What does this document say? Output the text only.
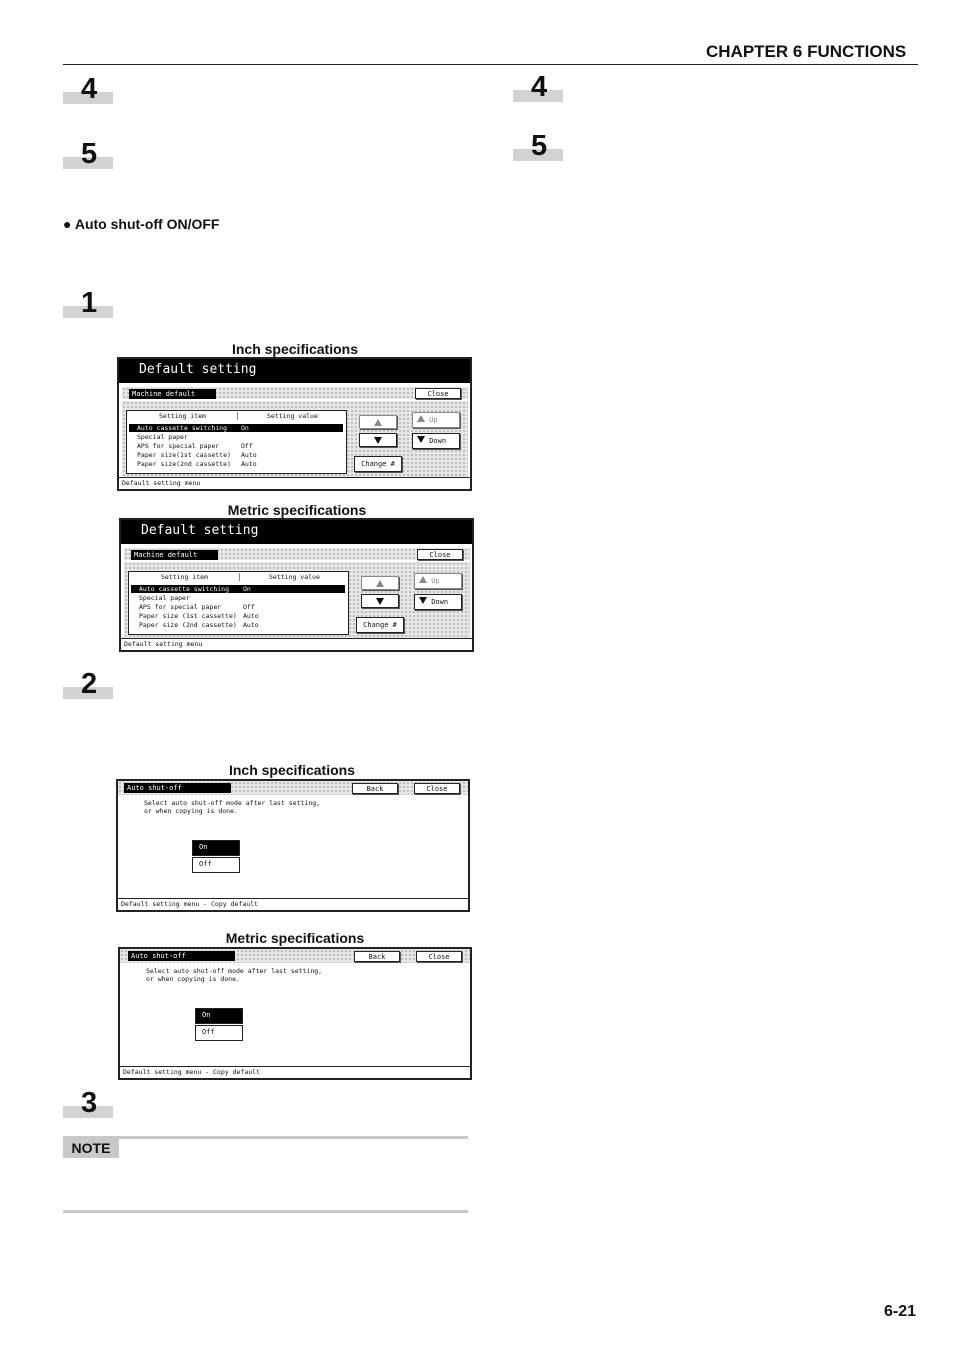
CHAPTER 6 FUNCTIONS
4
5
4
5
● Auto shut-off ON/OFF
1
Inch specifications
Default setting
Machine default	Close
Setting item	Setting value
Auto cassette switching On
Special paper
APS for special paper	Off
Paper size(1st cassette) Auto
Paper size(2nd cassette) Auto
Up
Down
Change #
Default setting menu
Metric specifications
Default setting
Machine default	Close
Setting item	Setting value
Auto cassette switching On
Special paper
APS for special paper	Off
Paper size (1st cassette) Auto
Paper size (2nd cassette) Auto
Up
Down
Change #
Default setting menu
2
Inch specifications
Auto shut-off	Back	Close
Select auto shut-off mode after last setting,
or when copying is done.
On
Off
Default setting menu - Copy default
Metric specifications
Auto shut-off	Back	Close
Select auto shut-off mode after last setting,
or when copying is done.
On
Off
Default setting menu - Copy default
3
NOTE
6-21
